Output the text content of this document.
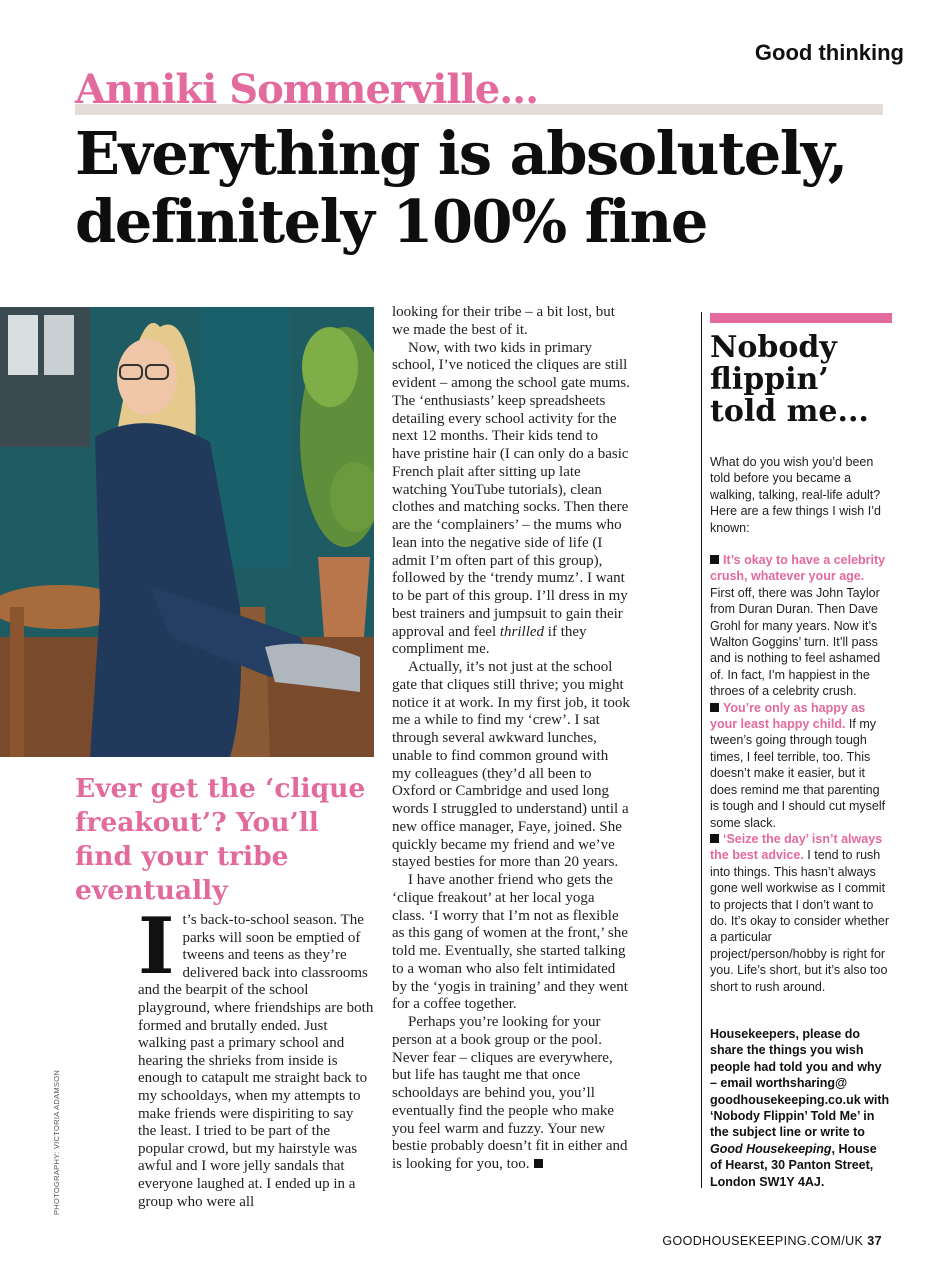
Good thinking
Anniki Sommerville...
Everything is absolutely, definitely 100% fine
Ever get the ‘clique freakout’? You’ll find your tribe eventually
It’s back-to-school season. The parks will soon be emptied of tweens and teens as they’re delivered back into classrooms and the bearpit of the school playground, where friendships are both formed and brutally ended. Just walking past a primary school and hearing the shrieks from inside is enough to catapult me straight back to my schooldays, when my attempts to make friends were dispiriting to say the least. I tried to be part of the popular crowd, but my hairstyle was awful and I wore jelly sandals that everyone laughed at. I ended up in a group who were all

looking for their tribe – a bit lost, but we made the best of it.

Now, with two kids in primary school, I’ve noticed the cliques are still evident – among the school gate mums. The ‘enthusiasts’ keep spreadsheets detailing every school activity for the next 12 months. Their kids tend to have pristine hair (I can only do a basic French plait after sitting up late watching YouTube tutorials), clean clothes and matching socks. Then there are the ‘complainers’ – the mums who lean into the negative side of life (I admit I’m often part of this group), followed by the ‘trendy mumz’. I want to be part of this group. I’ll dress in my best trainers and jumpsuit to gain their approval and feel thrilled if they compliment me.

Actually, it’s not just at the school gate that cliques still thrive; you might notice it at work. In my first job, it took me a while to find my ‘crew’. I sat through several awkward lunches, unable to find common ground with my colleagues (they’d all been to Oxford or Cambridge and used long words I struggled to understand) until a new office manager, Faye, joined. She quickly became my friend and we’ve stayed besties for more than 20 years.

I have another friend who gets the ‘clique freakout’ at her local yoga class. ‘I worry that I’m not as flexible as this gang of women at the front,’ she told me. Eventually, she started talking to a woman who also felt intimidated by the ‘yogis in training’ and they went for a coffee together.

Perhaps you’re looking for your person at a book group or the pool. Never fear – cliques are everywhere, but life has taught me that once schooldays are behind you, you’ll eventually find the people who make you feel warm and fuzzy. Your new bestie probably doesn’t fit in either and is looking for you, too.

Nobody flippin’ told me...

What do you wish you’d been told before you became a walking, talking, real-life adult? Here are a few things I wish I’d known:

It’s okay to have a celebrity crush, whatever your age. First off, there was John Taylor from Duran Duran. Then Dave Grohl for many years. Now it’s Walton Goggins’ turn. It’ll pass and is nothing to feel ashamed of. In fact, I’m happiest in the throes of a celebrity crush.
You’re only as happy as your least happy child. If my tween’s going through tough times, I feel terrible, too. This doesn’t make it easier, but it does remind me that parenting is tough and I should cut myself some slack.
‘Seize the day’ isn’t always the best advice. I tend to rush into things. This hasn’t always gone well workwise as I commit to projects that I don’t want to do. It’s okay to consider whether a particular project/person/hobby is right for you. Life’s short, but it’s also too short to rush around.

Housekeepers, please do share the things you wish people had told you and why – email worthsharing@ goodhousekeeping.co.uk with ‘Nobody Flippin’ Told Me’ in the subject line or write to Good Housekeeping, House of Hearst, 30 Panton Street, London SW1Y 4AJ.

PHOTOGRAPHY: VICTORIA ADAMSON
GOODHOUSEKEEPING.COM/UK 37
